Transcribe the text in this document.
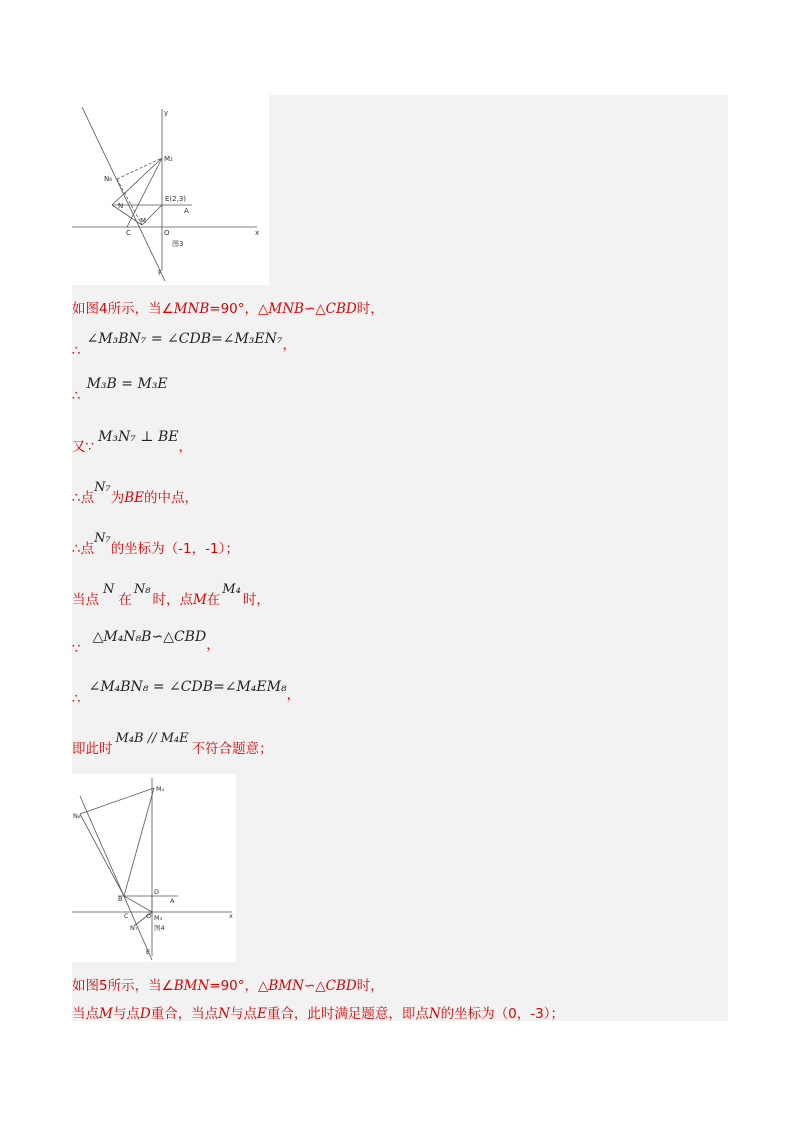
y
M₂
N₆
N
E(2,3)
A
M
C	O	x
图3
F
如图4所示，当∠MNB=90°，△MNB∽△CBD时，
∴∠M₃BN₇ = ∠CDB=∠M₃EN₇，
∴M₃B = M₃E
又∵M₃N₇ ⊥ BE，
∴点N₇为BE的中点，
∴点N₇的坐标为（-1，-1）；
当点N在N₈时，点M在M₄时，
∵△M₄N₈B∽△CBD，
∴∠M₄BN₈ = ∠CDB=∠M₄EM₈，
即此时M₄B // M₄E不符合题意；
M₄
N₈
B
D
A
C	O	x
M₃
N₇	图4
E
如图5所示，当∠BMN=90°，△BMN∽△CBD时，
当点M与点D重合，当点N与点E重合，此时满足题意，即点N的坐标为（0，-3）；
